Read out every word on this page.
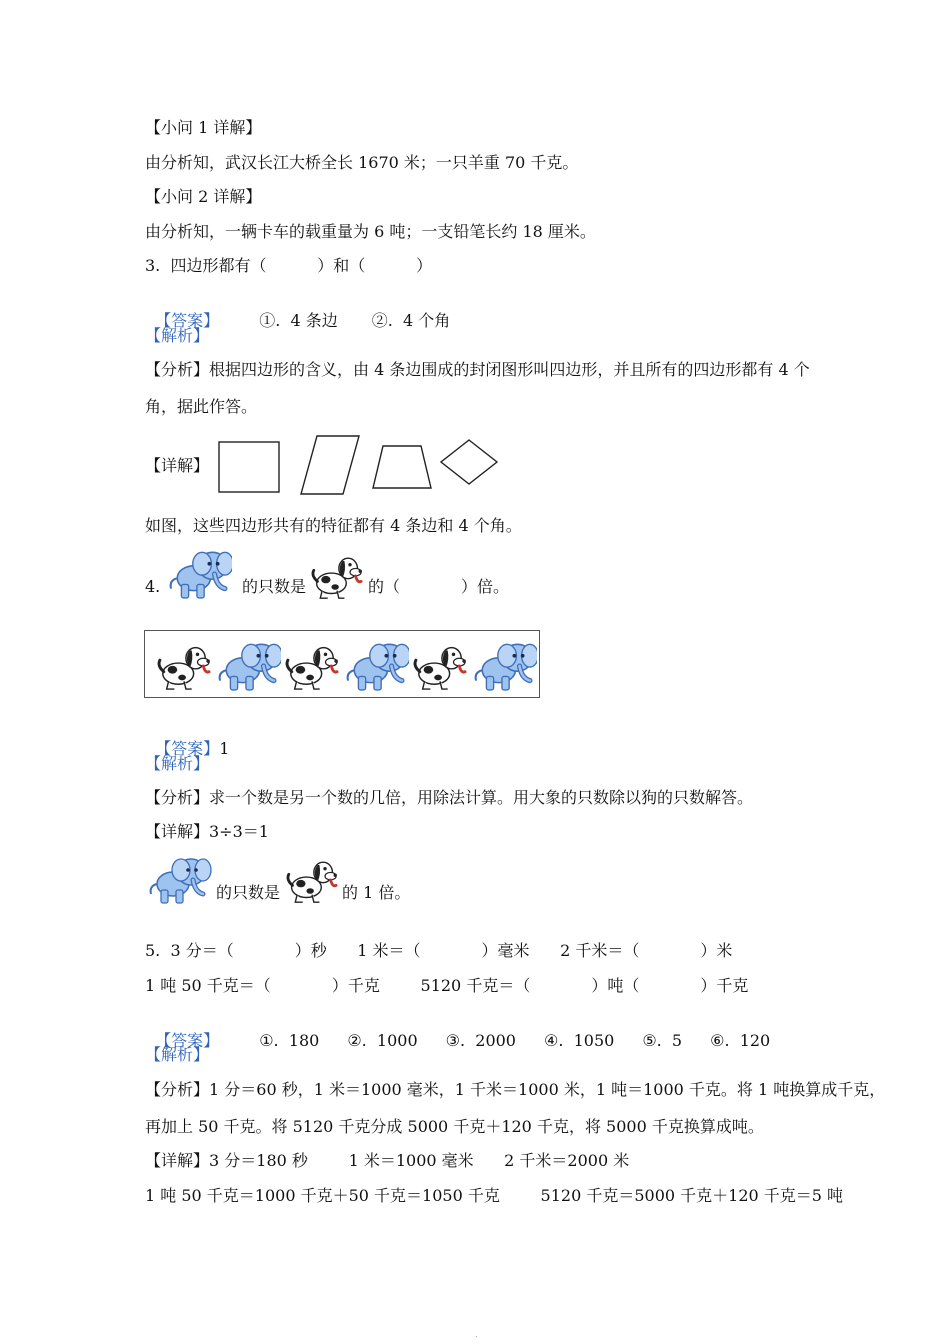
【小问 1 详解】
由分析知，武汉长江大桥全长 1670 米；一只羊重 70 千克。
【小问 2 详解】
由分析知，一辆卡车的载重量为 6 吨；一支铅笔长约 18 厘米。
3.  四边形都有（          ）和（          ）

【答案】	①.  4 条边 ②.  4 个角

【解析】
【分析】根据四边形的含义，由 4 条边围成的封闭图形叫四边形，并且所有的四边形都有 4 个
角，据此作答。
【详解】
如图，这些四边形共有的特征都有 4 条边和 4 个角。
4.	的只数是	的（            ）倍。

【答案】1

【解析】
【分析】求一个数是另一个数的几倍，用除法计算。用大象的只数除以狗的只数解答。
【详解】3÷3＝1
的只数是	的 1 倍。
5.  3 分＝（            ）秒      1 米＝（            ）毫米      2 千米＝（            ）米
1 吨 50 千克＝（            ）千克        5120 千克＝（            ）吨（            ）千克

【答案】	①.  180 ②.  1000 ③.  2000 ④.  1050 ⑤.  5 ⑥.  120

【解析】
【分析】1 分＝60 秒，1 米＝1000 毫米，1 千米＝1000 米，1 吨＝1000 千克。将 1 吨换算成千克，
再加上 50 千克。将 5120 千克分成 5000 千克＋120 千克，将 5000 千克换算成吨。
【详解】3 分＝180 秒        1 米＝1000 毫米      2 千米＝2000 米
1 吨 50 千克＝1000 千克＋50 千克＝1050 千克        5120 千克＝5000 千克＋120 千克＝5 吨
.
